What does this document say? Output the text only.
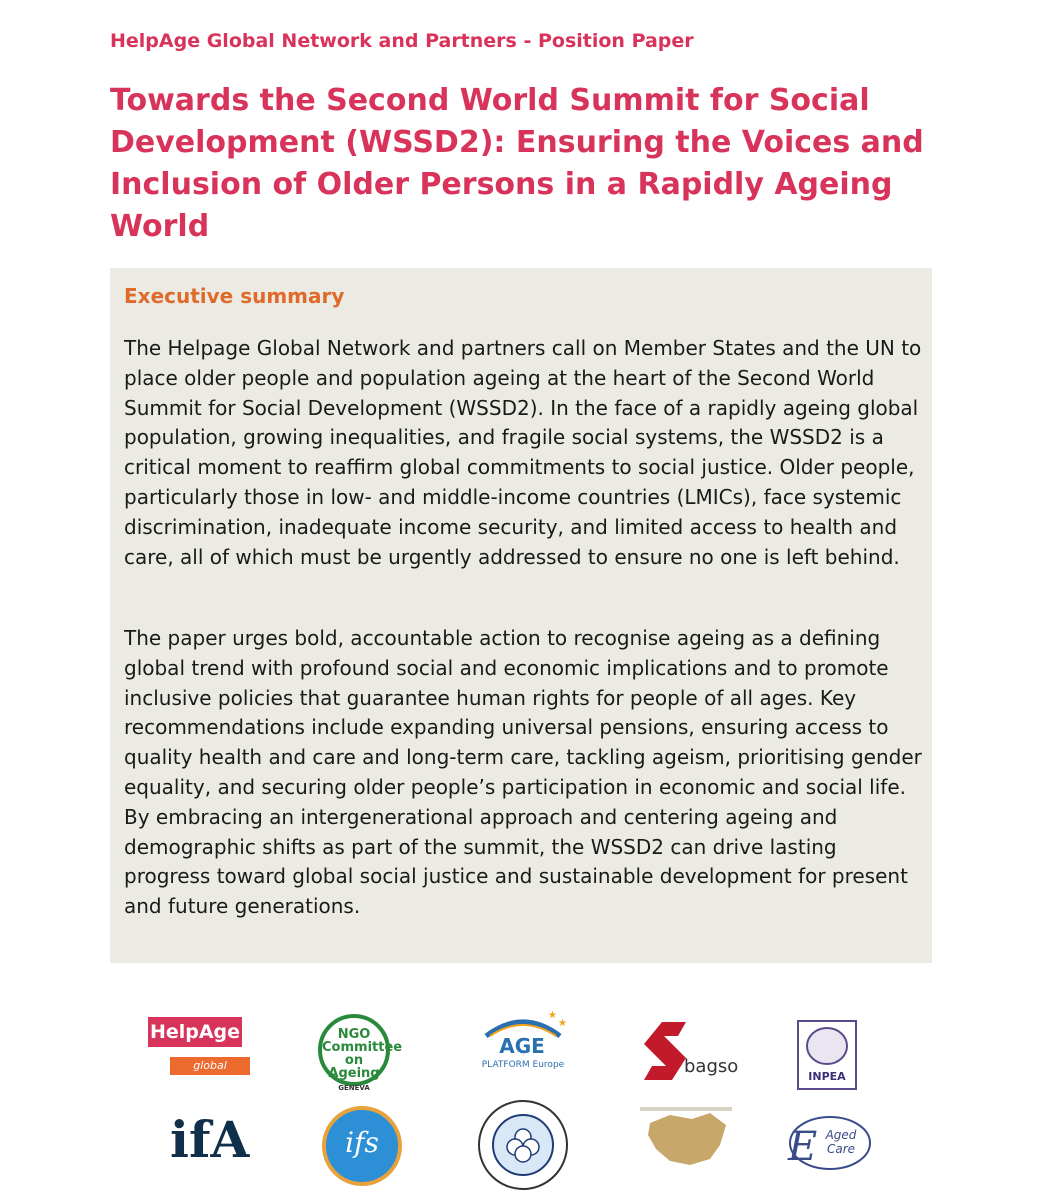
HelpAge Global Network and Partners - Position Paper
Towards the Second World Summit for Social Development (WSSD2): Ensuring the Voices and Inclusion of Older Persons in a Rapidly Ageing World
Executive summary

The Helpage Global Network and partners call on Member States and the UN to place older people and population ageing at the heart of the Second World Summit for Social Development (WSSD2). In the face of a rapidly ageing global population, growing inequalities, and fragile social systems, the WSSD2 is a critical moment to reaffirm global commitments to social justice. Older people, particularly those in low- and middle-income countries (LMICs), face systemic discrimination, inadequate income security, and limited access to health and care, all of which must be urgently addressed to ensure no one is left behind.

The paper urges bold, accountable action to recognise ageing as a defining global trend with profound social and economic implications and to promote inclusive policies that guarantee human rights for people of all ages. Key recommendations include expanding universal pensions, ensuring access to quality health and care and long-term care, tackling ageism, prioritising gender equality, and securing older people’s participation in economic and social life. By embracing an intergenerational approach and centering ageing and demographic shifts as part of the summit, the WSSD2 can drive lasting progress toward global social justice and sustainable development for present and future generations.

HelpAge
global network
NGO
Committee
on Ageing
GENEVA
★
★
AGE
PLATFORM Europe	bagso	INPEA
ifA	ifs	E Aged Care
